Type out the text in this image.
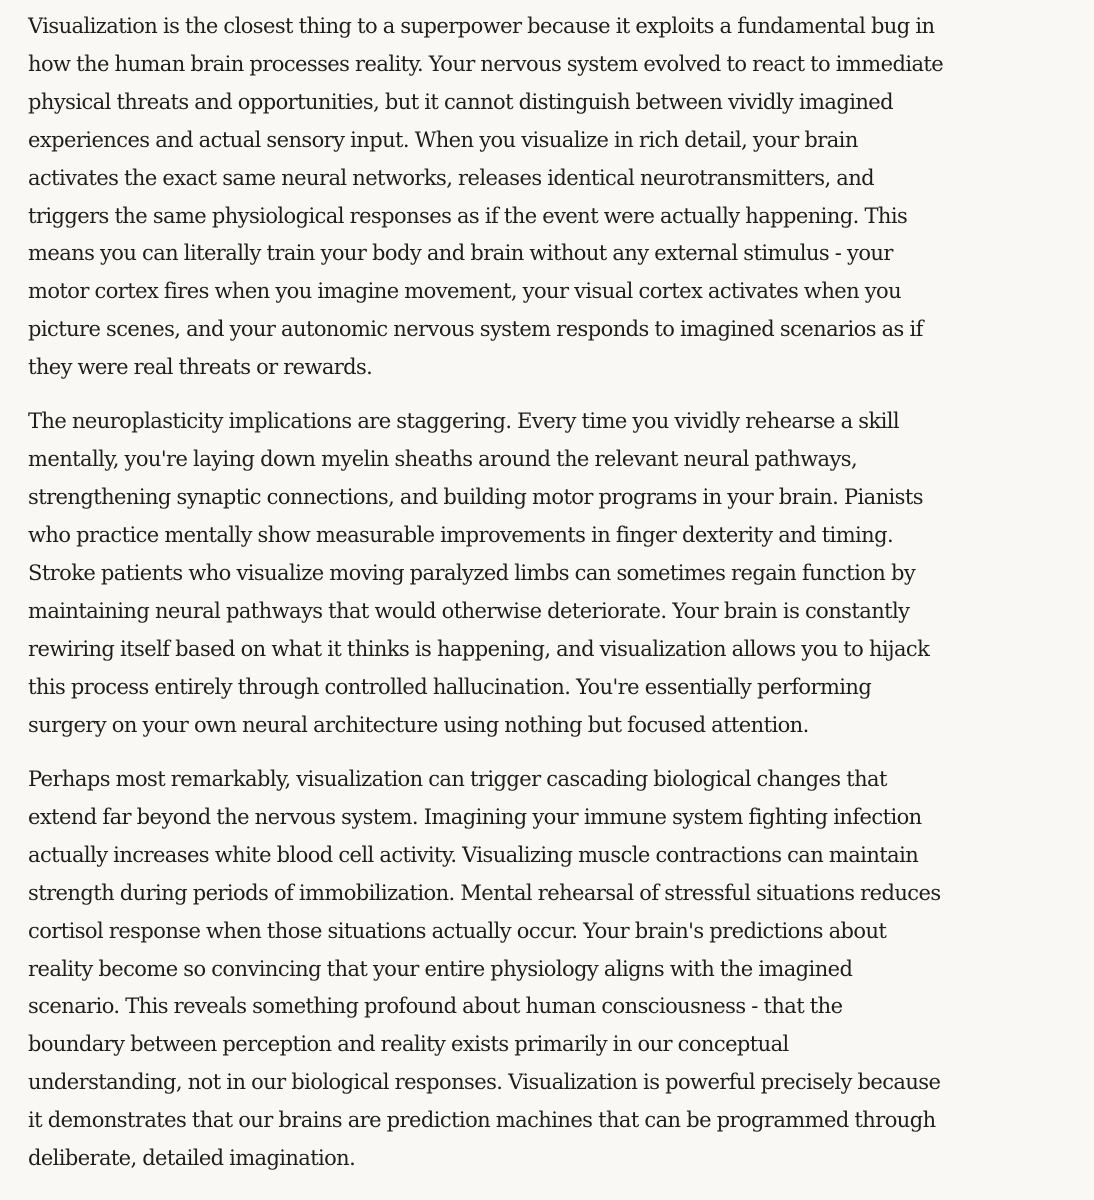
Visualization is the closest thing to a superpower because it exploits a fundamental bug in
how the human brain processes reality. Your nervous system evolved to react to immediate
physical threats and opportunities, but it cannot distinguish between vividly imagined
experiences and actual sensory input. When you visualize in rich detail, your brain
activates the exact same neural networks, releases identical neurotransmitters, and
triggers the same physiological responses as if the event were actually happening. This
means you can literally train your body and brain without any external stimulus - your
motor cortex fires when you imagine movement, your visual cortex activates when you
picture scenes, and your autonomic nervous system responds to imagined scenarios as if
they were real threats or rewards.

The neuroplasticity implications are staggering. Every time you vividly rehearse a skill
mentally, you're laying down myelin sheaths around the relevant neural pathways,
strengthening synaptic connections, and building motor programs in your brain. Pianists
who practice mentally show measurable improvements in finger dexterity and timing.
Stroke patients who visualize moving paralyzed limbs can sometimes regain function by
maintaining neural pathways that would otherwise deteriorate. Your brain is constantly
rewiring itself based on what it thinks is happening, and visualization allows you to hijack
this process entirely through controlled hallucination. You're essentially performing
surgery on your own neural architecture using nothing but focused attention.

Perhaps most remarkably, visualization can trigger cascading biological changes that
extend far beyond the nervous system. Imagining your immune system fighting infection
actually increases white blood cell activity. Visualizing muscle contractions can maintain
strength during periods of immobilization. Mental rehearsal of stressful situations reduces
cortisol response when those situations actually occur. Your brain's predictions about
reality become so convincing that your entire physiology aligns with the imagined
scenario. This reveals something profound about human consciousness - that the
boundary between perception and reality exists primarily in our conceptual
understanding, not in our biological responses. Visualization is powerful precisely because
it demonstrates that our brains are prediction machines that can be programmed through
deliberate, detailed imagination.
